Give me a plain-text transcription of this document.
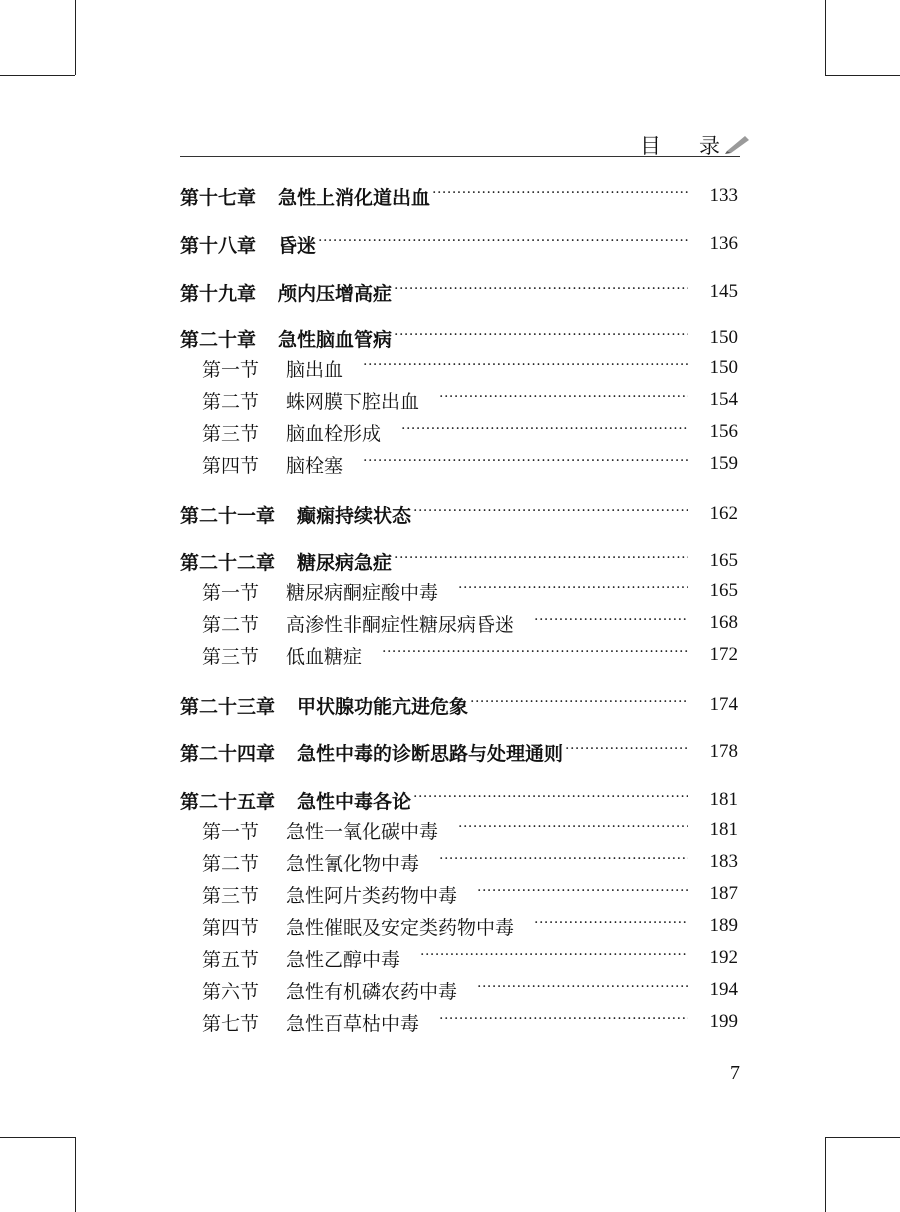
目 录
第十七章 急性上消化道出血 ·····	133
第十八章 昏迷 ·····	136
第十九章 颅内压增高症 ·····	145
第二十章 急性脑血管病 ·····	150
第一节	脑出血 ·····	150
第二节	蛛网膜下腔出血 ·····	154
第三节	脑血栓形成 ·····	156
第四节	脑栓塞 ·····	159
第二十一章 癫痫持续状态 ·····	162
第二十二章 糖尿病急症 ·····	165
第一节	糖尿病酮症酸中毒 ·····	165
第二节	高渗性非酮症性糖尿病昏迷 ·····	168
第三节	低血糖症 ·····	172
第二十三章 甲状腺功能亢进危象 ·····	174
第二十四章 急性中毒的诊断思路与处理通则 ·····	178
第二十五章 急性中毒各论 ·····	181
第一节	急性一氧化碳中毒 ·····	181
第二节	急性氰化物中毒 ·····	183
第三节	急性阿片类药物中毒 ·····	187
第四节	急性催眠及安定类药物中毒 ·····	189
第五节	急性乙醇中毒 ·····	192
第六节	急性有机磷农药中毒 ·····	194
第七节	急性百草枯中毒 ·····	199
7
